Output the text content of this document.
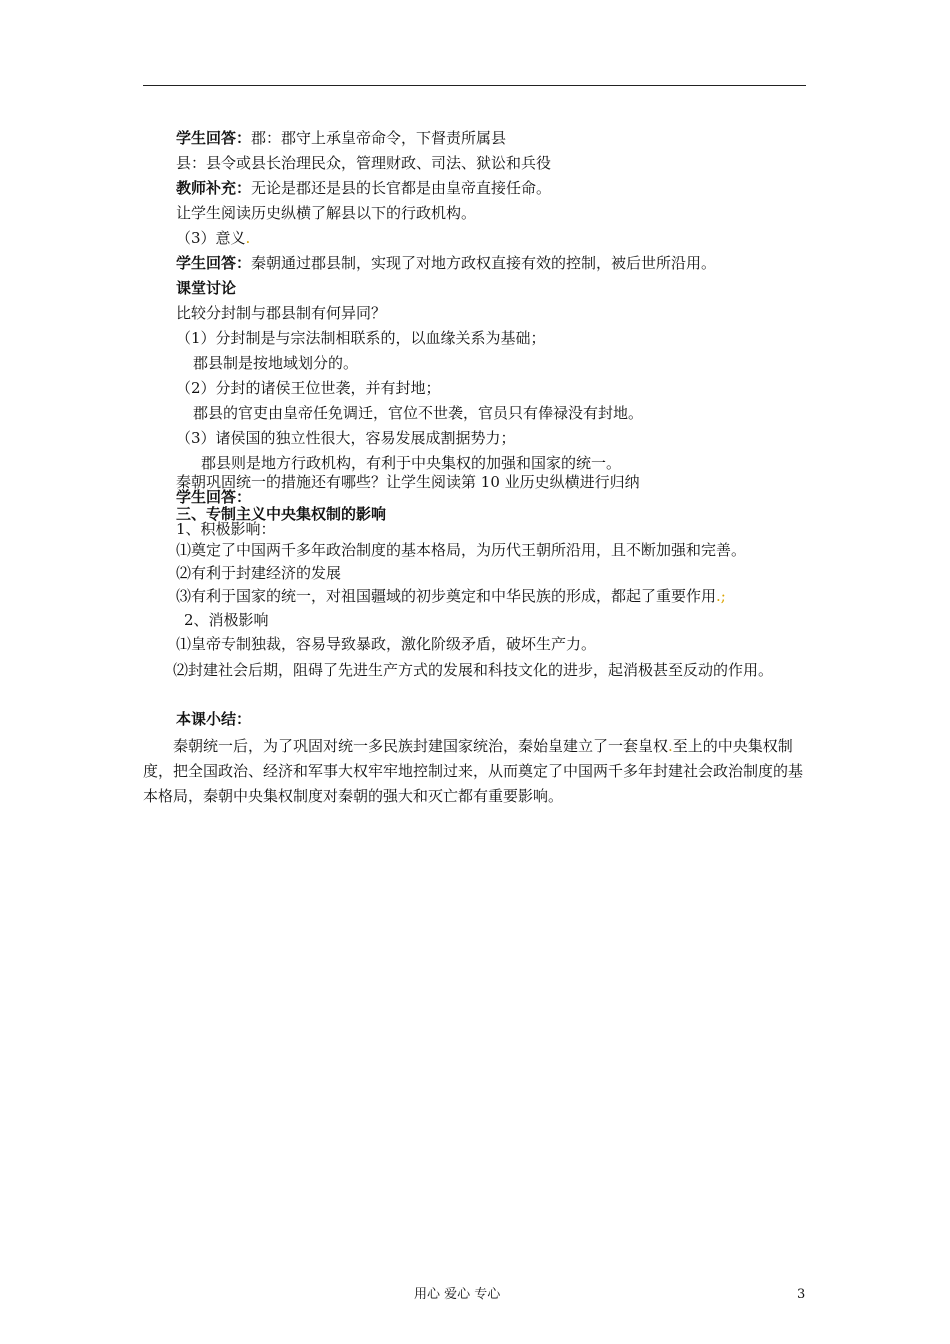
学生回答：郡：郡守上承皇帝命令，下督责所属县
县：县令或县长治理民众，管理财政、司法、狱讼和兵役
教师补充：无论是郡还是县的长官都是由皇帝直接任命。
让学生阅读历史纵横了解县以下的行政机构。
（3）意义.
学生回答：秦朝通过郡县制，实现了对地方政权直接有效的控制，被后世所沿用。
课堂讨论
比较分封制与郡县制有何异同？
（1）分封制是与宗法制相联系的，以血缘关系为基础；
郡县制是按地域划分的。
（2）分封的诸侯王位世袭，并有封地；
郡县的官吏由皇帝任免调迁，官位不世袭，官员只有俸禄没有封地。
（3）诸侯国的独立性很大，容易发展成割据势力；
郡县则是地方行政机构，有利于中央集权的加强和国家的统一。
秦朝巩固统一的措施还有哪些？让学生阅读第 10 业历史纵横进行归纳
学生回答：
三、专制主义中央集权制的影响
1、积极影响：
⑴奠定了中国两千多年政治制度的基本格局，为历代王朝所沿用，且不断加强和完善。
⑵有利于封建经济的发展
⑶有利于国家的统一，对祖国疆域的初步奠定和中华民族的形成，都起了重要作用.;
2、消极影响
⑴皇帝专制独裁，容易导致暴政，激化阶级矛盾，破坏生产力。
⑵封建社会后期，阻碍了先进生产方式的发展和科技文化的进步，起消极甚至反动的作用。
本课小结：
秦朝统一后，为了巩固对统一多民族封建国家统治，秦始皇建立了一套皇权.至上的中央集权制度，把全国政治、经济和军事大权牢牢地控制过来，从而奠定了中国两千多年封建社会政治制度的基本格局，秦朝中央集权制度对秦朝的强大和灭亡都有重要影响。
用心 爱心 专心	3
